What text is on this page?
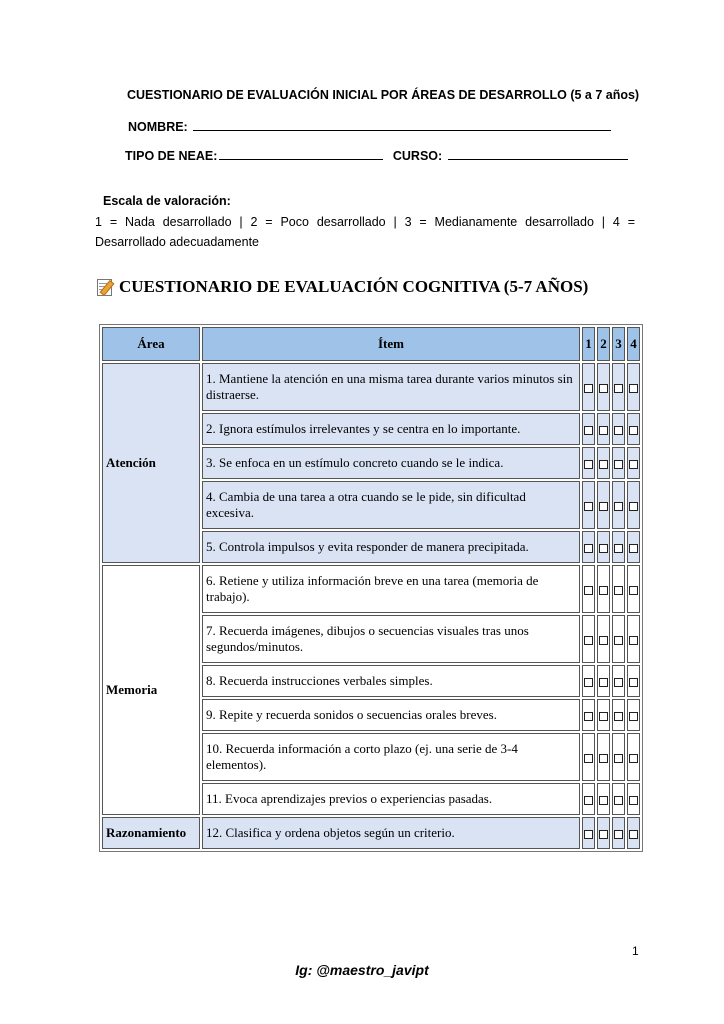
CUESTIONARIO DE EVALUACIÓN INICIAL POR ÁREAS DE DESARROLLO (5 a 7 años)
NOMBRE:
TIPO DE NEAE:	CURSO:
Escala de valoración:
1 = Nada desarrollado | 2 = Poco desarrollado | 3 = Medianamente desarrollado | 4 = Desarrollado adecuadamente
CUESTIONARIO DE EVALUACIÓN COGNITIVA (5-7 AÑOS)
Área	Ítem	1	2	3	4
Atención	1. Mantiene la atención en una misma tarea durante varios minutos sin distraerse.				
	2. Ignora estímulos irrelevantes y se centra en lo importante.				
	3. Se enfoca en un estímulo concreto cuando se le indica.				
	4. Cambia de una tarea a otra cuando se le pide, sin dificultad excesiva.				
	5. Controla impulsos y evita responder de manera precipitada.				
Memoria	6. Retiene y utiliza información breve en una tarea (memoria de trabajo).				
	7. Recuerda imágenes, dibujos o secuencias visuales tras unos segundos/minutos.				
	8. Recuerda instrucciones verbales simples.				
	9. Repite y recuerda sonidos o secuencias orales breves.				
	10. Recuerda información a corto plazo (ej. una serie de 3-4 elementos).				
	11. Evoca aprendizajes previos o experiencias pasadas.				
Razonamiento	12. Clasifica y ordena objetos según un criterio.				
1
Ig: @maestro_javipt
